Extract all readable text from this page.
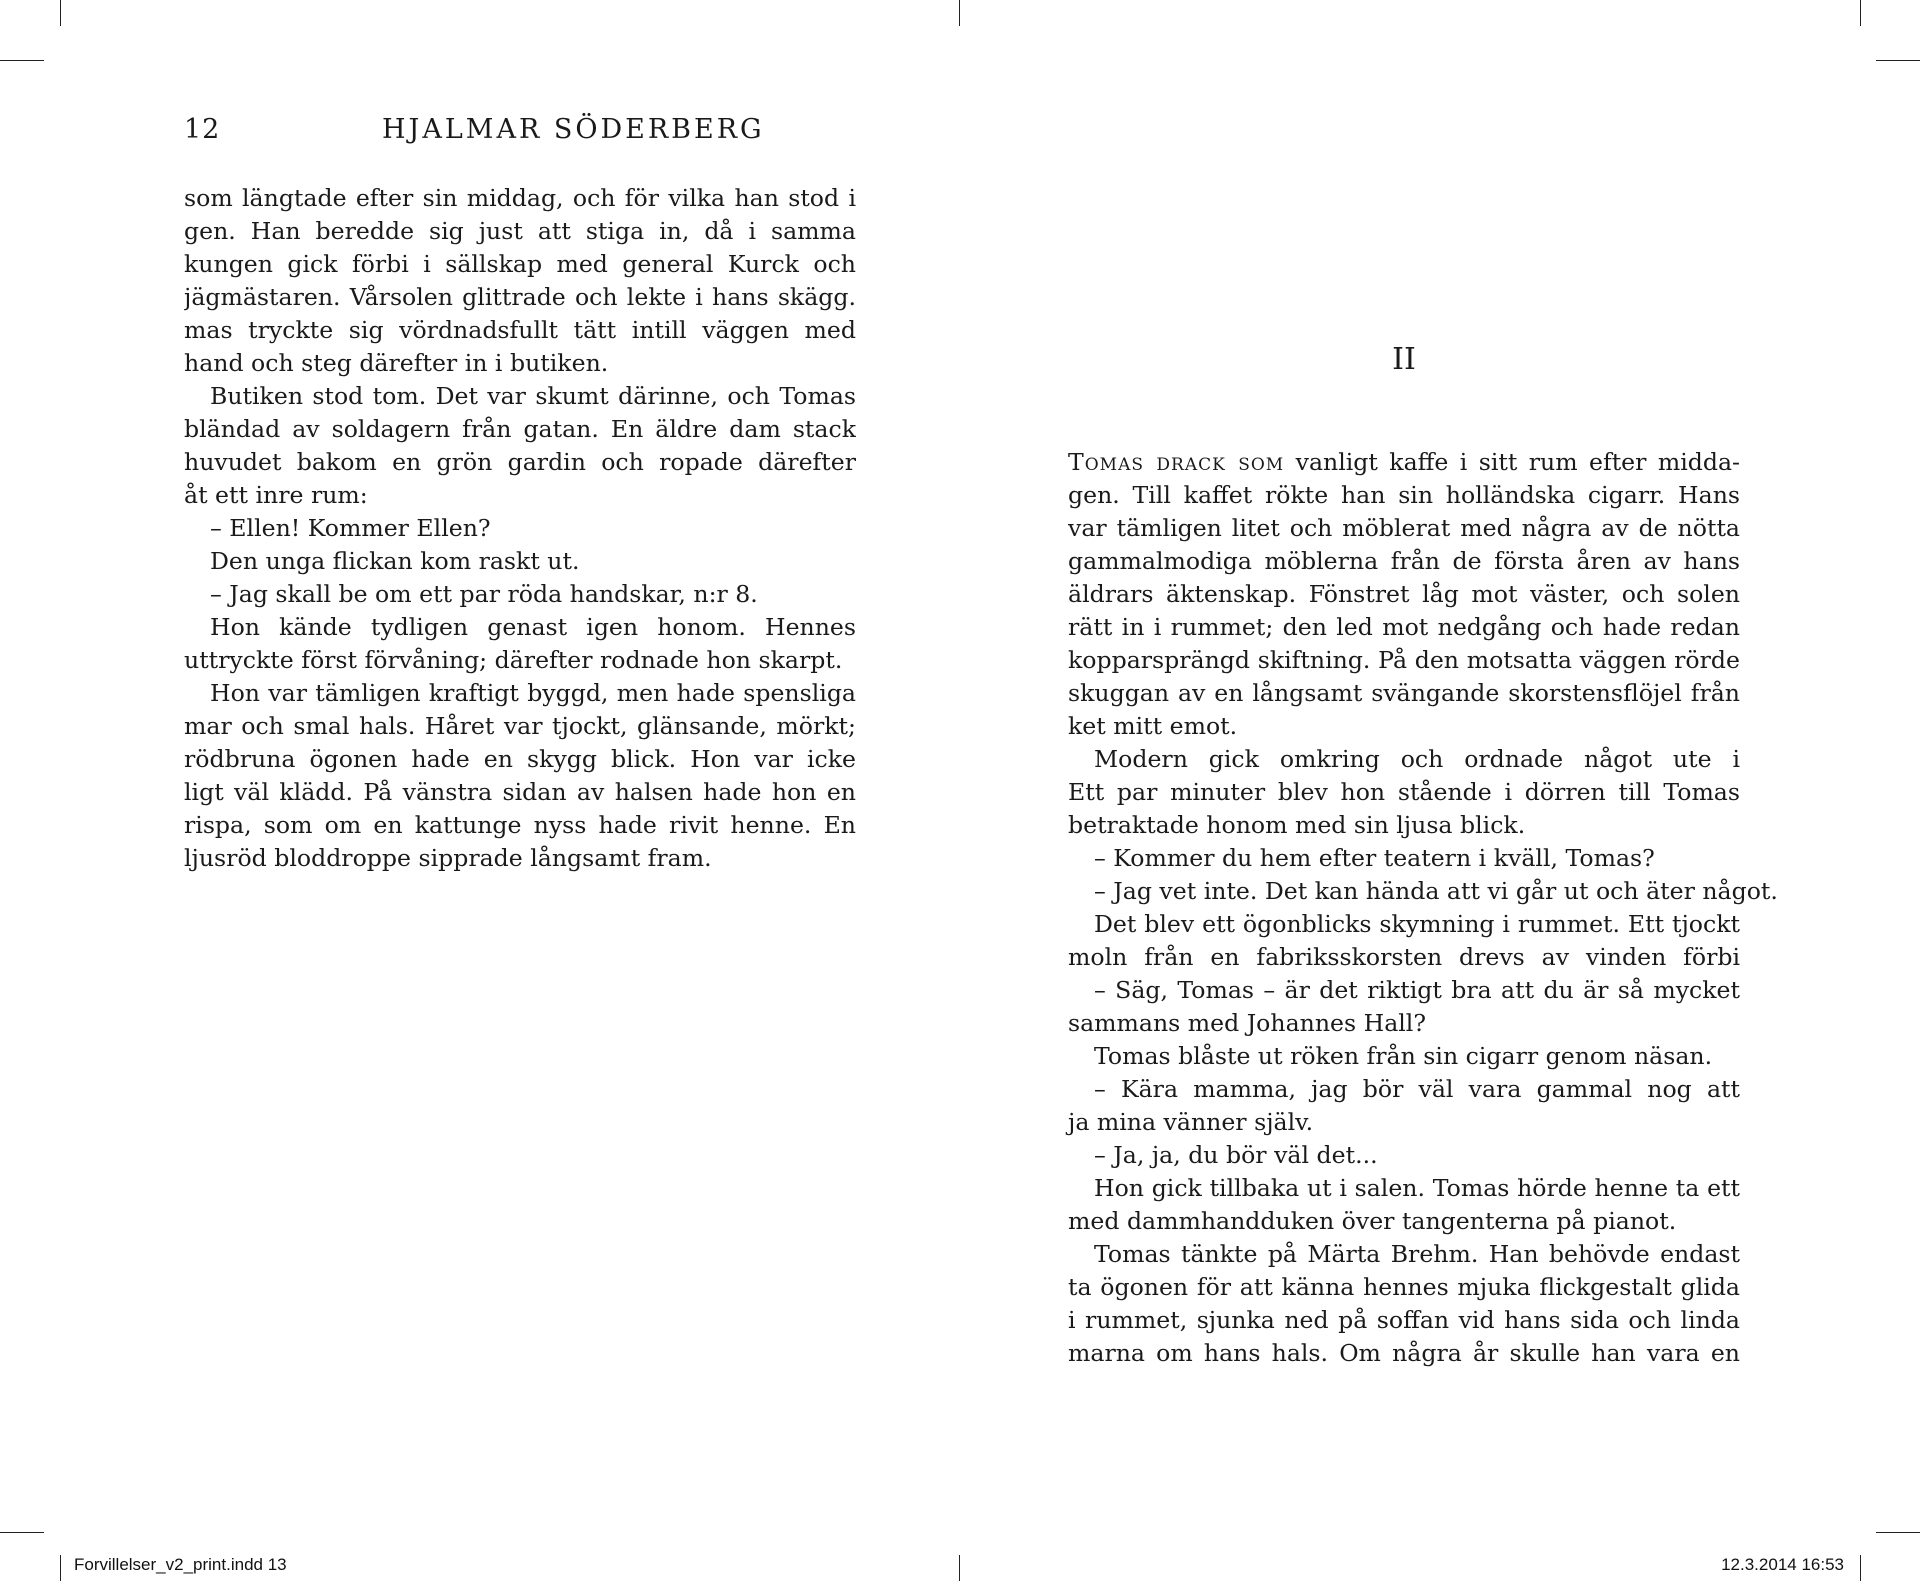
12	HJALMAR SÖDERBERG
som längtade efter sin middag, och för vilka han stod i
gen. Han beredde sig just att stiga in, då i samma
kungen gick förbi i sällskap med general Kurck och
jägmästaren. Vårsolen glittrade och lekte i hans skägg.
mas tryckte sig vördnadsfullt tätt intill väggen med
hand och steg därefter in i butiken.
Butiken stod tom. Det var skumt därinne, och Tomas
bländad av soldagern från gatan. En äldre dam stack
huvudet bakom en grön gardin och ropade därefter
åt ett inre rum:
– Ellen! Kommer Ellen?
Den unga flickan kom raskt ut.
– Jag skall be om ett par röda handskar, n:r 8.
Hon kände tydligen genast igen honom. Hennes
uttryckte först förvåning; därefter rodnade hon skarpt.
Hon var tämligen kraftigt byggd, men hade spensliga
mar och smal hals. Håret var tjockt, glänsande, mörkt;
rödbruna ögonen hade en skygg blick. Hon var icke
ligt väl klädd. På vänstra sidan av halsen hade hon en
rispa, som om en kattunge nyss hade rivit henne. En
ljusröd bloddroppe sipprade långsamt fram.
II
Tomas drack som vanligt kaffe i sitt rum efter midda-
gen. Till kaffet rökte han sin holländska cigarr. Hans
var tämligen litet och möblerat med några av de nötta
gammalmodiga möblerna från de första åren av hans
äldrars äktenskap. Fönstret låg mot väster, och solen
rätt in i rummet; den led mot nedgång och hade redan
kopparsprängd skiftning. På den motsatta väggen rörde
skuggan av en långsamt svängande skorstensflöjel från
ket mitt emot.
Modern gick omkring och ordnade något ute i
Ett par minuter blev hon stående i dörren till Tomas
betraktade honom med sin ljusa blick.
– Kommer du hem efter teatern i kväll, Tomas?
– Jag vet inte. Det kan hända att vi går ut och äter något.
Det blev ett ögonblicks skymning i rummet. Ett tjockt
moln från en fabriksskorsten drevs av vinden förbi
– Säg, Tomas – är det riktigt bra att du är så mycket
sammans med Johannes Hall?
Tomas blåste ut röken från sin cigarr genom näsan.
– Kära mamma, jag bör väl vara gammal nog att
ja mina vänner själv.
– Ja, ja, du bör väl det...
Hon gick tillbaka ut i salen. Tomas hörde henne ta ett
med dammhandduken över tangenterna på pianot.
Tomas tänkte på Märta Brehm. Han behövde endast
ta ögonen för att känna hennes mjuka flickgestalt glida
i rummet, sjunka ned på soffan vid hans sida och linda
marna om hans hals. Om några år skulle han vara en
Forvillelser_v2_print.indd 13	12.3.2014 16:53
